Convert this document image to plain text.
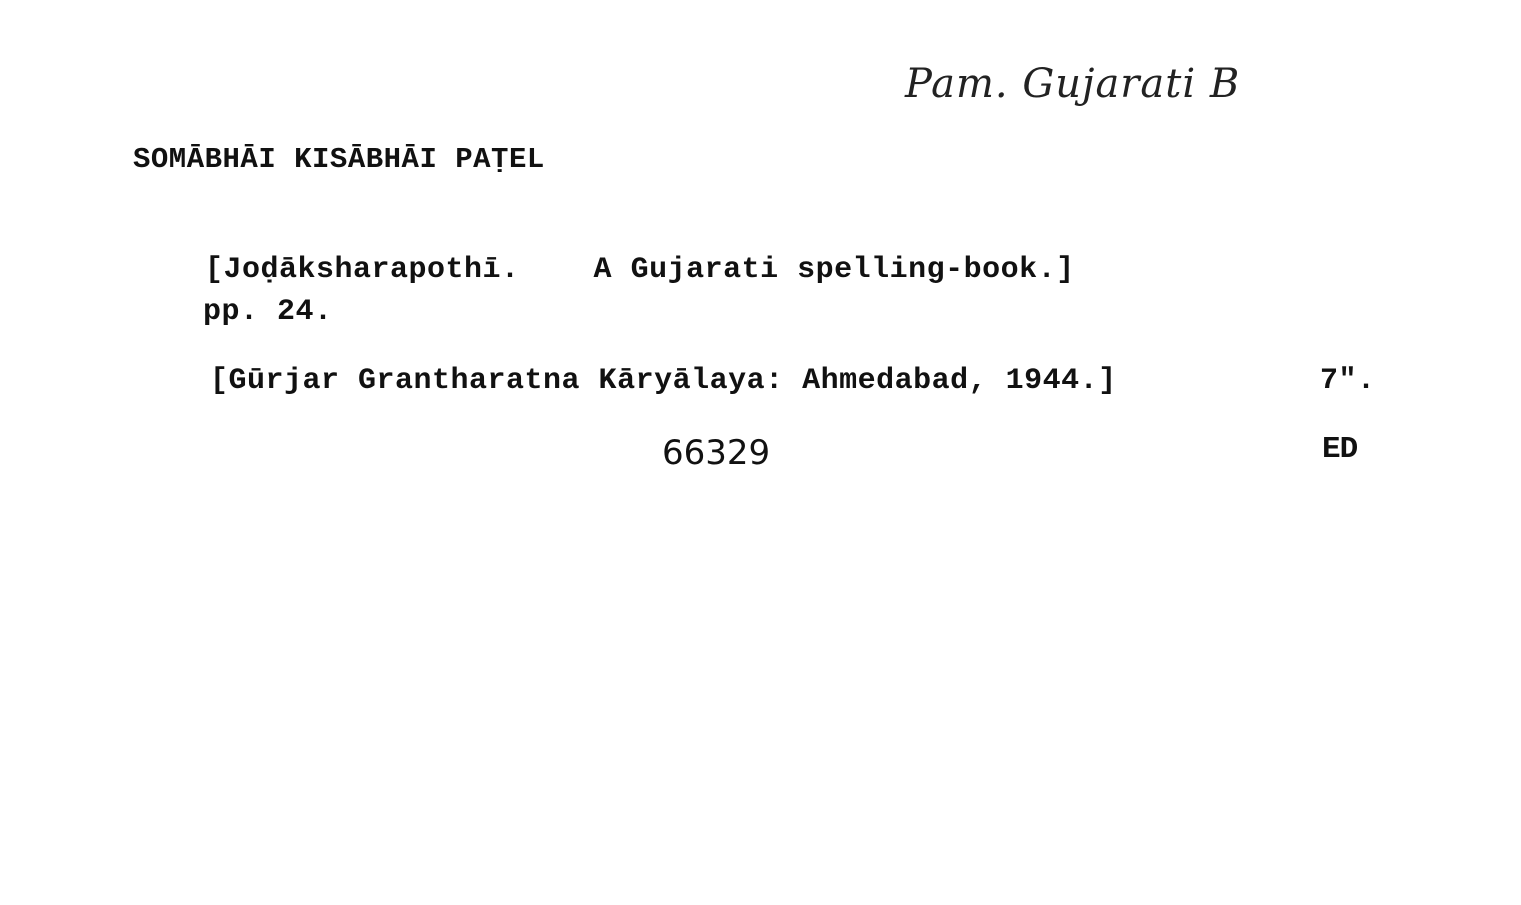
Pam. Gujarati B
SOMĀBHĀI KISĀBHĀI PAṬEL
[Joḍāksharapothī.    A Gujarati spelling-book.]
pp. 24.
[Gūrjar Grantharatna Kāryālaya: Ahmedabad, 1944.]	7".
66329	ED
